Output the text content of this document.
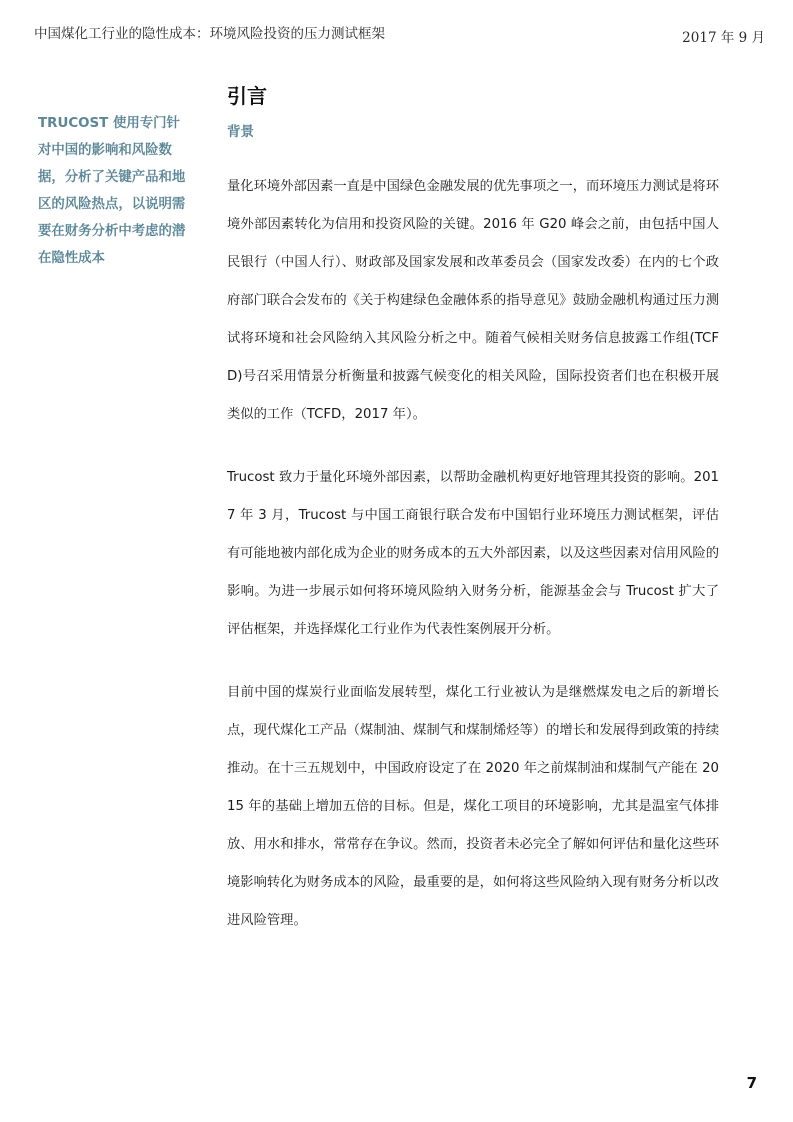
中国煤化工行业的隐性成本：环境风险投资的压力测试框架	2017 年 9 月

TRUCOST 使用专门针对中国的影响和风险数据，分析了关键产品和地区的风险热点，以说明需要在财务分析中考虑的潜在隐性成本

引言
背景

量化环境外部因素一直是中国绿色金融发展的优先事项之一，而环境压力测试是将环境外部因素转化为信用和投资风险的关键。2016 年 G20 峰会之前，由包括中国人民银行（中国人行）、财政部及国家发展和改革委员会（国家发改委）在内的七个政府部门联合会发布的《关于构建绿色金融体系的指导意见》鼓励金融机构通过压力测试将环境和社会风险纳入其风险分析之中。随着气候相关财务信息披露工作组(TCFD)号召采用情景分析衡量和披露气候变化的相关风险，国际投资者们也在积极开展类似的工作（TCFD，2017 年）。

Trucost 致力于量化环境外部因素，以帮助金融机构更好地管理其投资的影响。2017 年 3 月，Trucost 与中国工商银行联合发布中国铝行业环境压力测试框架，评估有可能地被内部化成为企业的财务成本的五大外部因素，以及这些因素对信用风险的影响。为进一步展示如何将环境风险纳入财务分析，能源基金会与 Trucost 扩大了评估框架，并选择煤化工行业作为代表性案例展开分析。

目前中国的煤炭行业面临发展转型，煤化工行业被认为是继燃煤发电之后的新增长点，现代煤化工产品（煤制油、煤制气和煤制烯烃等）的增长和发展得到政策的持续推动。在十三五规划中，中国政府设定了在 2020 年之前煤制油和煤制气产能在 2015 年的基础上增加五倍的目标。但是，煤化工项目的环境影响，尤其是温室气体排放、用水和排水，常常存在争议。然而，投资者未必完全了解如何评估和量化这些环境影响转化为财务成本的风险，最重要的是，如何将这些风险纳入现有财务分析以改进风险管理。

7
